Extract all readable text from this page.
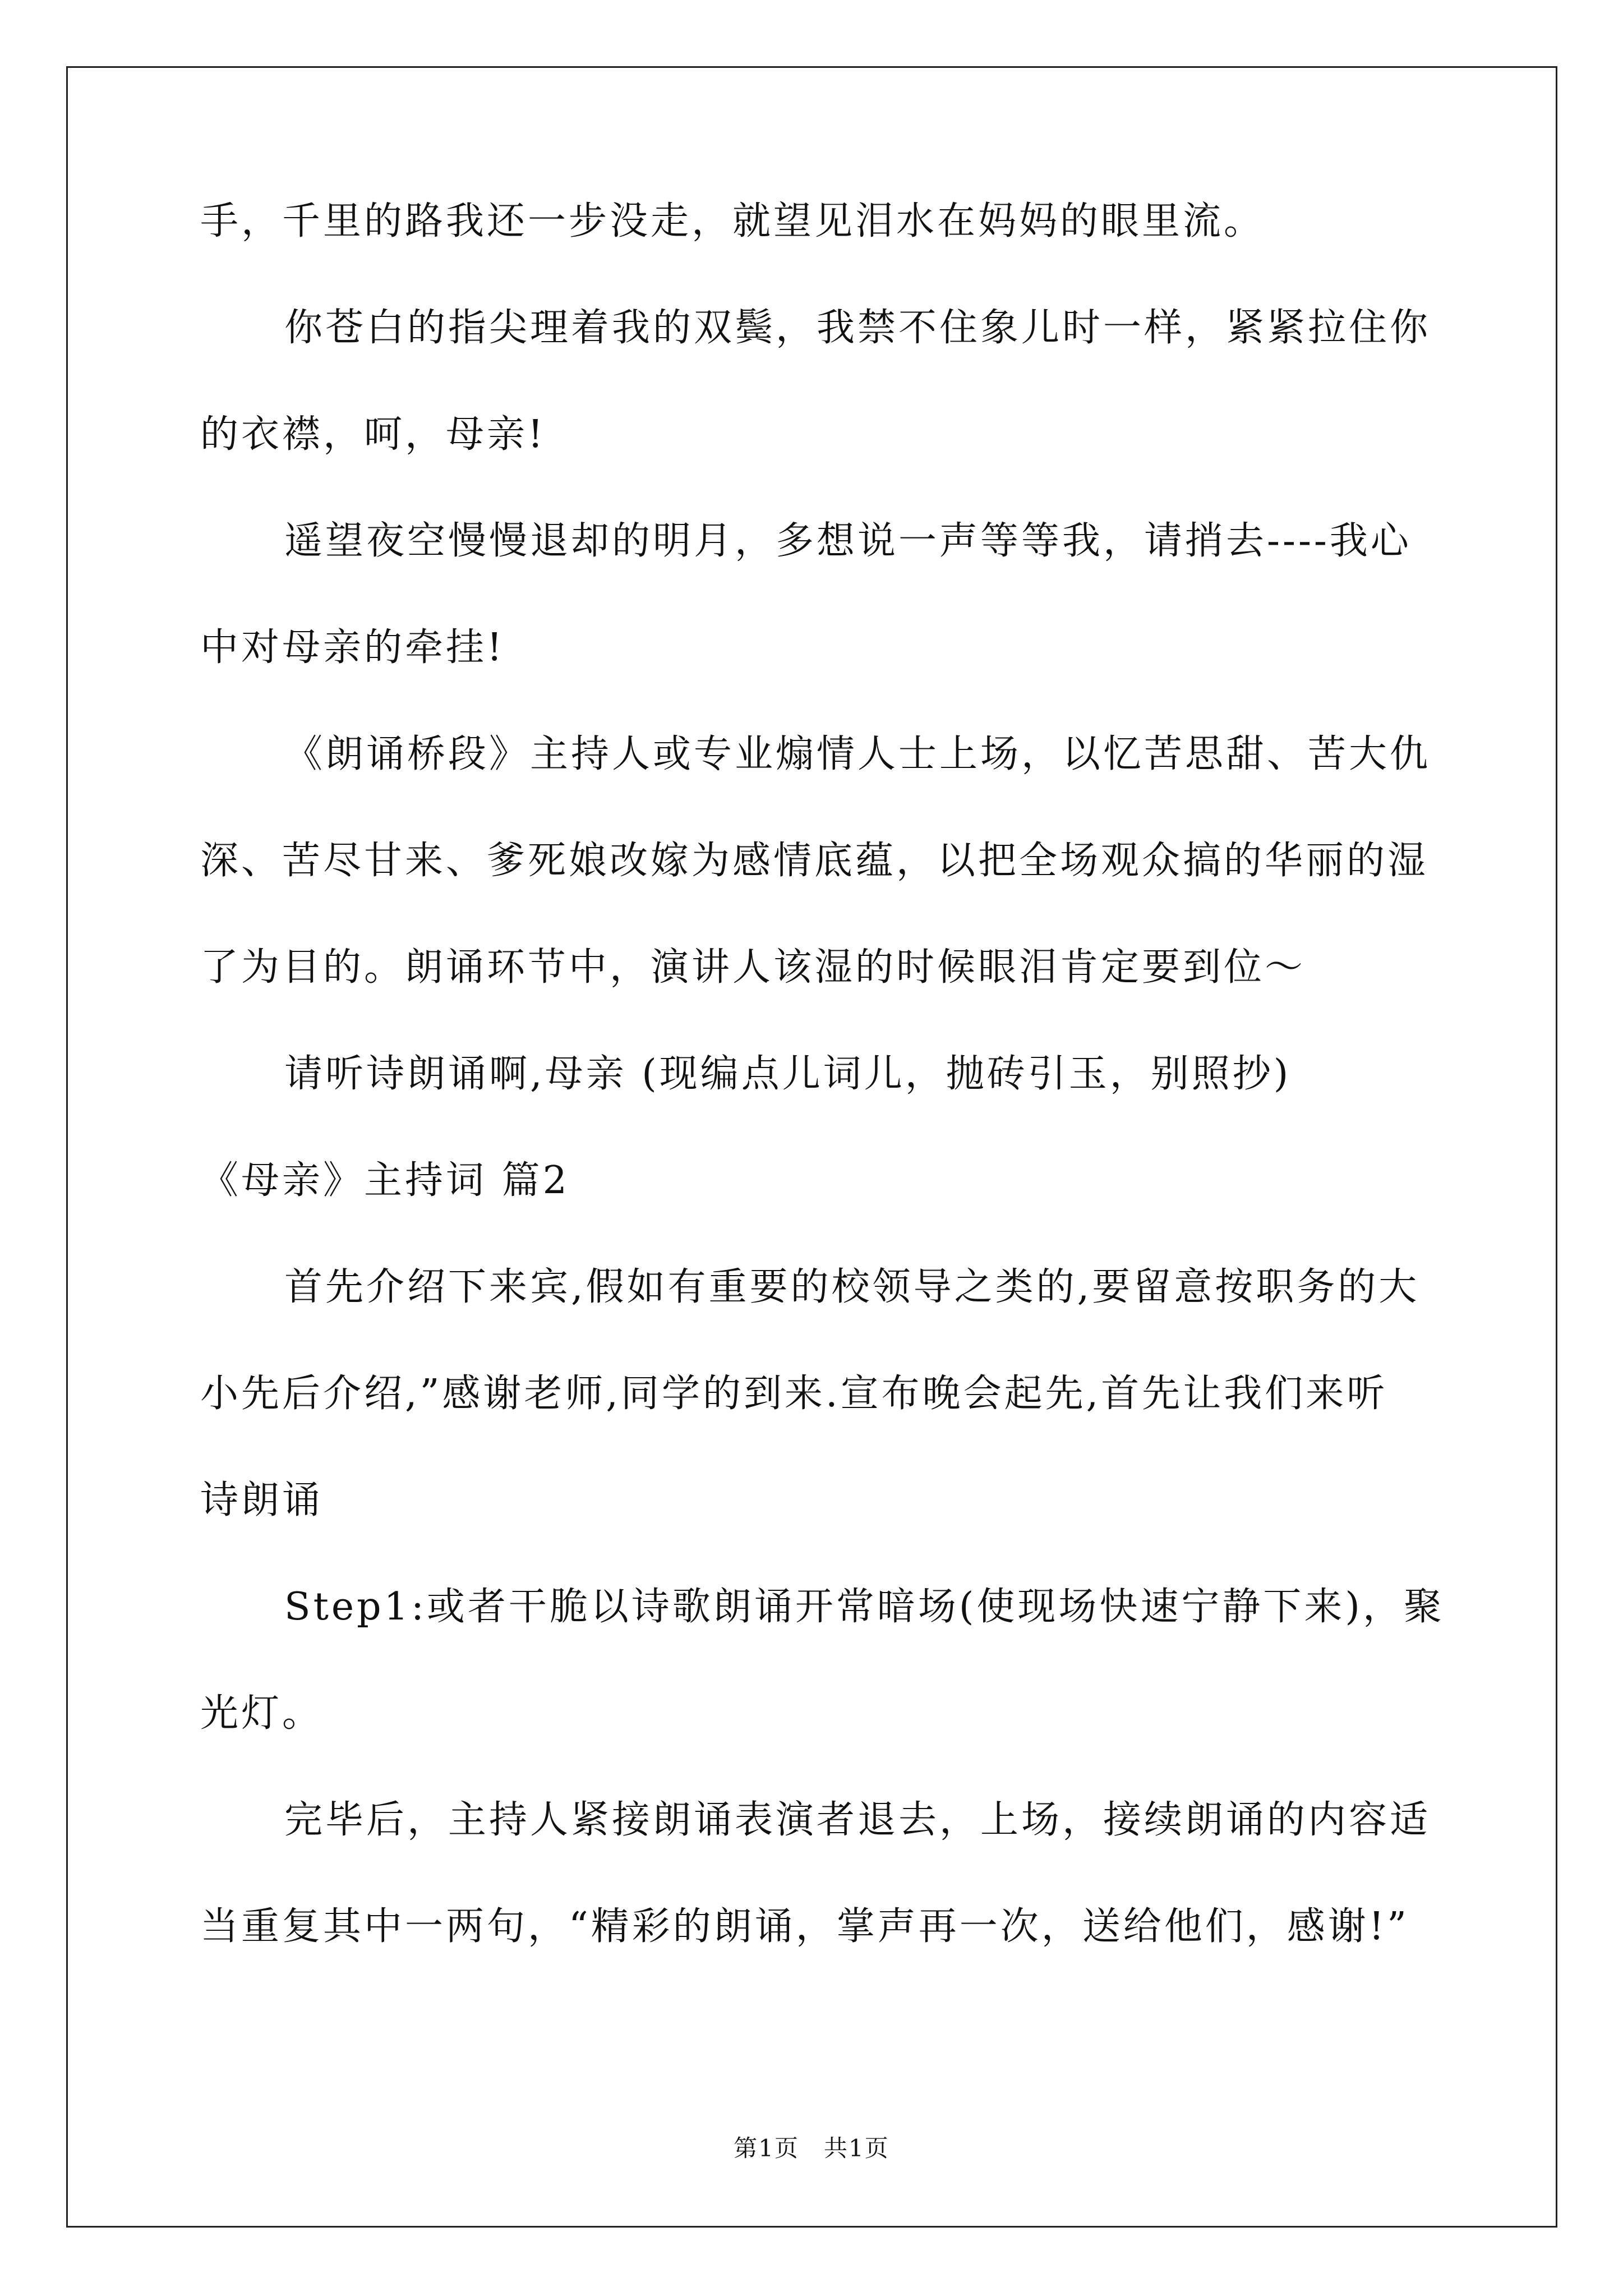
手，千里的路我还一步没走，就望见泪水在妈妈的眼里流。
你苍白的指尖理着我的双鬓，我禁不住象儿时一样，紧紧拉住你
的衣襟，呵，母亲!
遥望夜空慢慢退却的明月，多想说一声等等我，请捎去----我心
中对母亲的牵挂!
《朗诵桥段》主持人或专业煽情人士上场，以忆苦思甜、苦大仇
深、苦尽甘来、爹死娘改嫁为感情底蕴，以把全场观众搞的华丽的湿
了为目的。朗诵环节中，演讲人该湿的时候眼泪肯定要到位～
请听诗朗诵啊,母亲 (现编点儿词儿，抛砖引玉，别照抄)
《母亲》主持词 篇2
首先介绍下来宾,假如有重要的校领导之类的,要留意按职务的大
小先后介绍,”感谢老师,同学的到来.宣布晚会起先,首先让我们来听
诗朗诵
Step1:或者干脆以诗歌朗诵开常暗场(使现场快速宁静下来)，聚
光灯。
完毕后，主持人紧接朗诵表演者退去，上场，接续朗诵的内容适
当重复其中一两句，“精彩的朗诵，掌声再一次，送给他们，感谢!”
第1页　共1页
